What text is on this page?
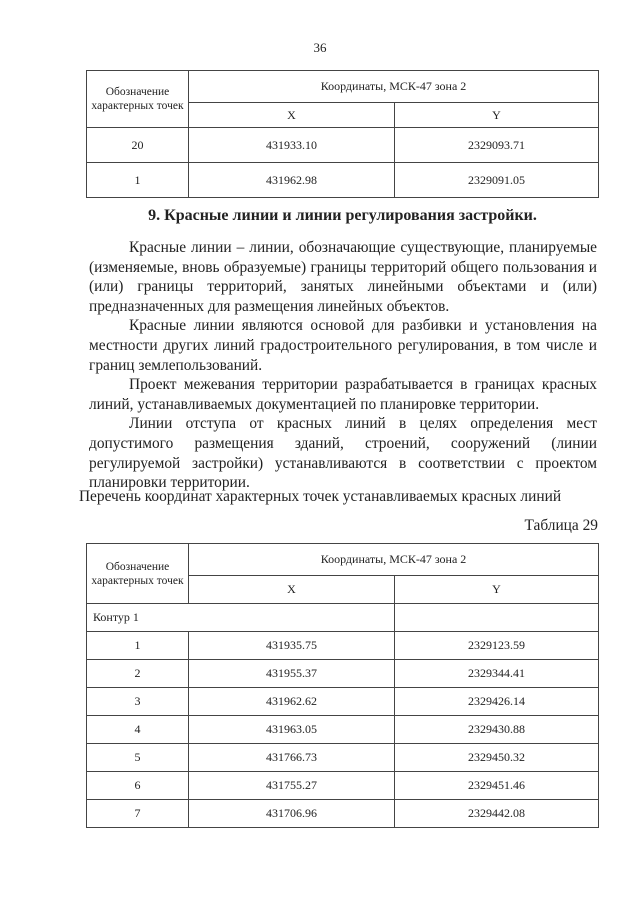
36
Обозначение характерных точек	Координаты, МСК-47 зона 2	
	X	Y
20	431933.10	2329093.71
1	431962.98	2329091.05
9. Красные линии и линии регулирования застройки.

Красные линии – линии, обозначающие существующие, планируемые (изменяемые, вновь образуемые) границы территорий общего пользования и (или) границы территорий, занятых линейными объектами и (или) предназначенных для размещения линейных объектов.

Красные линии являются основой для разбивки и установления на местности других линий градостроительного регулирования, в том числе и границ землепользований.

Проект межевания территории разрабатывается в границах красных линий, устанавливаемых документацией по планировке территории.

Линии отступа от красных линий в целях определения мест допустимого размещения зданий, строений, сооружений (линии регулируемой застройки) устанавливаются в соответствии с проектом планировки территории.

Перечень координат характерных точек устанавливаемых красных линий
Таблица 29
Обозначение характерных точек	Координаты, МСК-47 зона 2	
	X	Y
Контур 1		
1	431935.75	2329123.59
2	431955.37	2329344.41
3	431962.62	2329426.14
4	431963.05	2329430.88
5	431766.73	2329450.32
6	431755.27	2329451.46
7	431706.96	2329442.08
